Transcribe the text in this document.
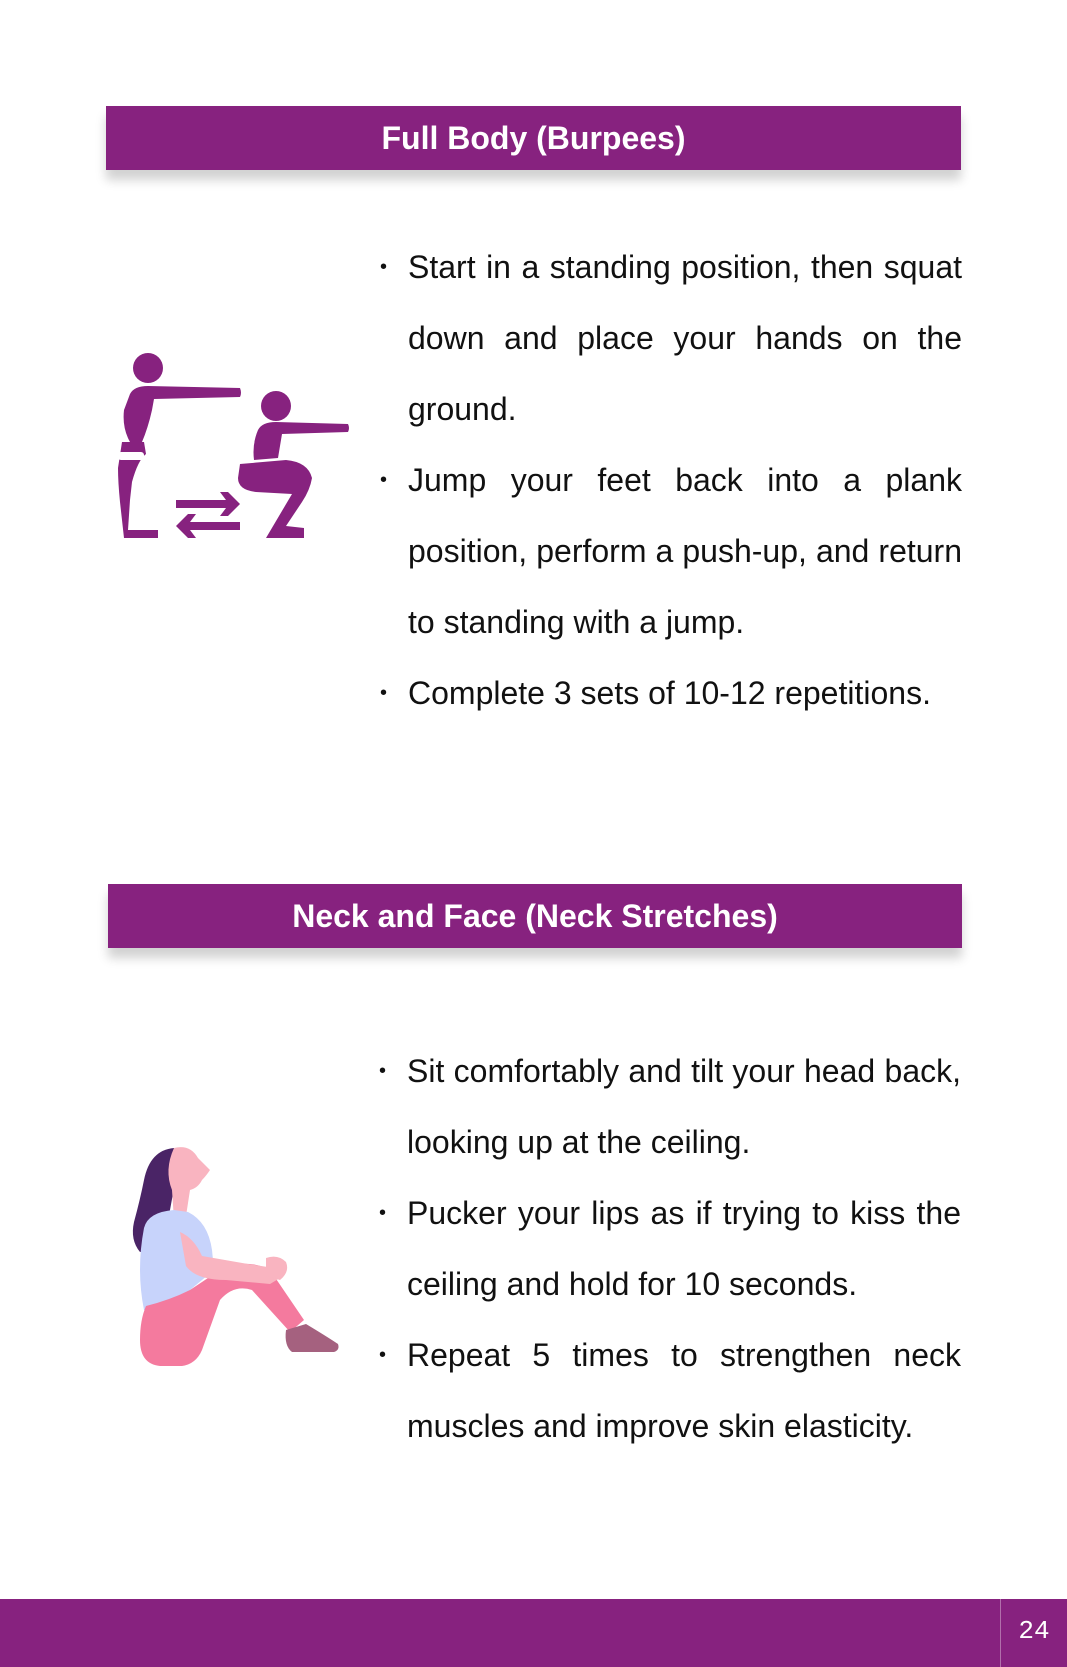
Full Body (Burpees)
• Start in a standing position, then squat down and place your hands on the ground.
• Jump your feet back into a plank position, perform a push-up, and return to standing with a jump.
• Complete 3 sets of 10-12 repetitions.
Neck and Face (Neck Stretches)
• Sit comfortably and tilt your head back, looking up at the ceiling.
• Pucker your lips as if trying to kiss the ceiling and hold for 10 seconds.
• Repeat 5 times to strengthen neck muscles and improve skin elasticity.
24
